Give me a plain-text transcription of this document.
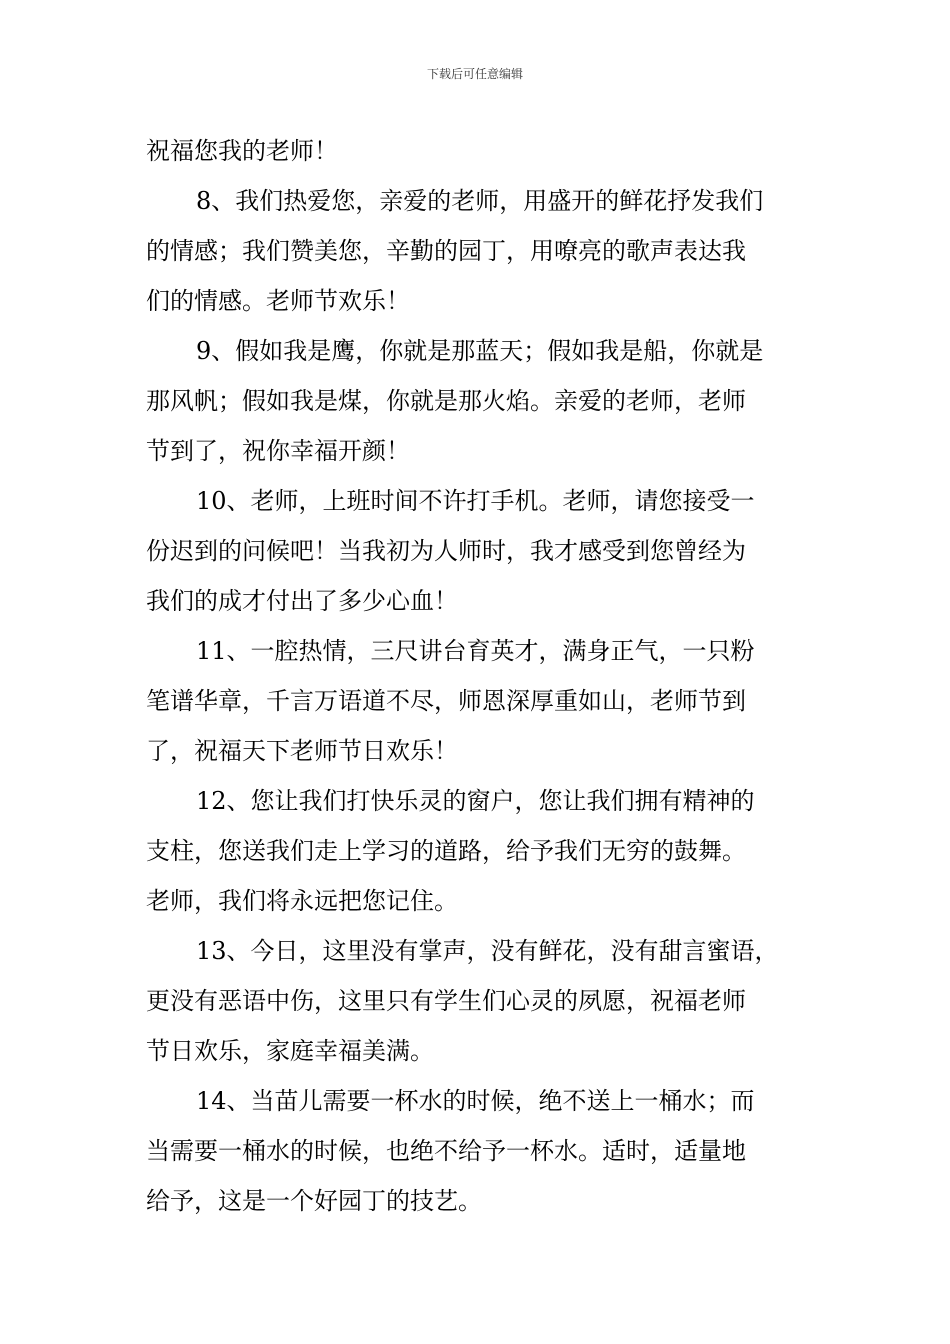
下载后可任意编辑
祝福您我的老师！
8、我们热爱您，亲爱的老师，用盛开的鲜花抒发我们
的情感；我们赞美您，辛勤的园丁，用嘹亮的歌声表达我
们的情感。老师节欢乐！
9、假如我是鹰，你就是那蓝天；假如我是船，你就是
那风帆；假如我是煤，你就是那火焰。亲爱的老师，老师
节到了，祝你幸福开颜！
10、老师，上班时间不许打手机。老师，请您接受一
份迟到的问候吧！当我初为人师时，我才感受到您曾经为
我们的成才付出了多少心血！
11、一腔热情，三尺讲台育英才，满身正气，一只粉
笔谱华章，千言万语道不尽，师恩深厚重如山，老师节到
了，祝福天下老师节日欢乐！
12、您让我们打快乐灵的窗户，您让我们拥有精神的
支柱，您送我们走上学习的道路，给予我们无穷的鼓舞。
老师，我们将永远把您记住。
13、今日，这里没有掌声，没有鲜花，没有甜言蜜语，
更没有恶语中伤，这里只有学生们心灵的夙愿，祝福老师
节日欢乐，家庭幸福美满。
14、当苗儿需要一杯水的时候，绝不送上一桶水；而
当需要一桶水的时候，也绝不给予一杯水。适时，适量地
给予，这是一个好园丁的技艺。
